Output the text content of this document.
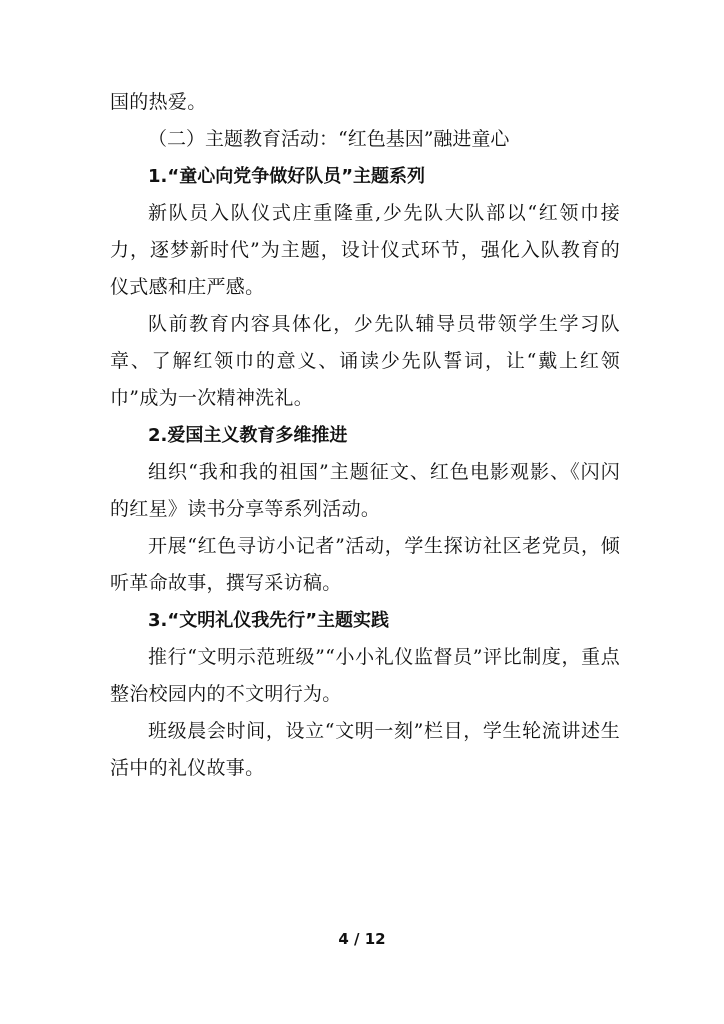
国的热爱。

（二）主题教育活动：“红色基因”融进童心

1.“童心向党争做好队员”主题系列

新队员入队仪式庄重隆重,少先队大队部以“红领巾接力，逐梦新时代”为主题，设计仪式环节，强化入队教育的仪式感和庄严感。

队前教育内容具体化，少先队辅导员带领学生学习队章、了解红领巾的意义、诵读少先队誓词，让“戴上红领巾”成为一次精神洗礼。

2.爱国主义教育多维推进

组织“我和我的祖国”主题征文、红色电影观影、《闪闪的红星》读书分享等系列活动。

开展“红色寻访小记者”活动，学生探访社区老党员，倾听革命故事，撰写采访稿。

3.“文明礼仪我先行”主题实践

推行“文明示范班级”“小小礼仪监督员”评比制度，重点整治校园内的不文明行为。

班级晨会时间，设立“文明一刻”栏目，学生轮流讲述生活中的礼仪故事。

4 / 12
